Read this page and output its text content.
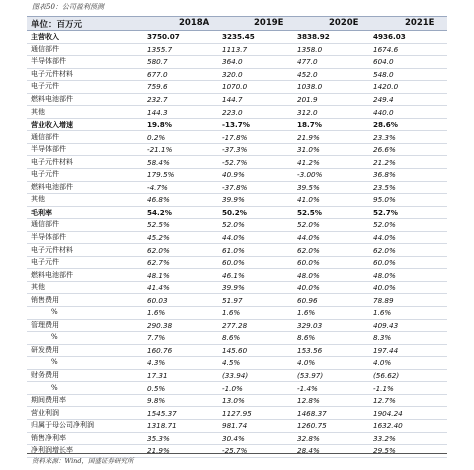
图表50：公司盈利预测
单位：百万元	2018A	2019E	2020E	2021E
主营收入	3750.07	3235.45	3838.92	4936.03
通信部件	1355.7	1113.7	1358.0	1674.6
半导体部件	580.7	364.0	477.0	604.0
电子元件材料	677.0	320.0	452.0	548.0
电子元件	759.6	1070.0	1038.0	1420.0
燃料电池部件	232.7	144.7	201.9	249.4
其他	144.3	223.0	312.0	440.0
营业收入增速	19.8%	-13.7%	18.7%	28.6%
通信部件	0.2%	-17.8%	21.9%	23.3%
半导体部件	-21.1%	-37.3%	31.0%	26.6%
电子元件材料	58.4%	-52.7%	41.2%	21.2%
电子元件	179.5%	40.9%	-3.00%	36.8%
燃料电池部件	-4.7%	-37.8%	39.5%	23.5%
其他	46.8%	39.9%	41.0%	95.0%
毛利率	54.2%	50.2%	52.5%	52.7%
通信部件	52.5%	52.0%	52.0%	52.0%
半导体部件	45.2%	44.0%	44.0%	44.0%
电子元件材料	62.0%	61.0%	62.0%	62.0%
电子元件	62.7%	60.0%	60.0%	60.0%
燃料电池部件	48.1%	46.1%	48.0%	48.0%
其他	41.4%	39.9%	40.0%	40.0%
销售费用	60.03	51.97	60.96	78.89
%	1.6%	1.6%	1.6%	1.6%
管理费用	290.38	277.28	329.03	409.43
%	7.7%	8.6%	8.6%	8.3%
研发费用	160.76	145.60	153.56	197.44
%	4.3%	4.5%	4.0%	4.0%
财务费用	17.31	(33.94)	(53.97)	(56.62)
%	0.5%	-1.0%	-1.4%	-1.1%
期间费用率	9.8%	13.0%	12.8%	12.7%
营业利润	1545.37	1127.95	1468.37	1904.24
归属于母公司净利润	1318.71	981.74	1260.75	1632.40
销售净利率	35.3%	30.4%	32.8%	33.2%
净利润增长率	21.9%	-25.7%	28.4%	29.5%
资料来源：Wind，国盛证券研究所
